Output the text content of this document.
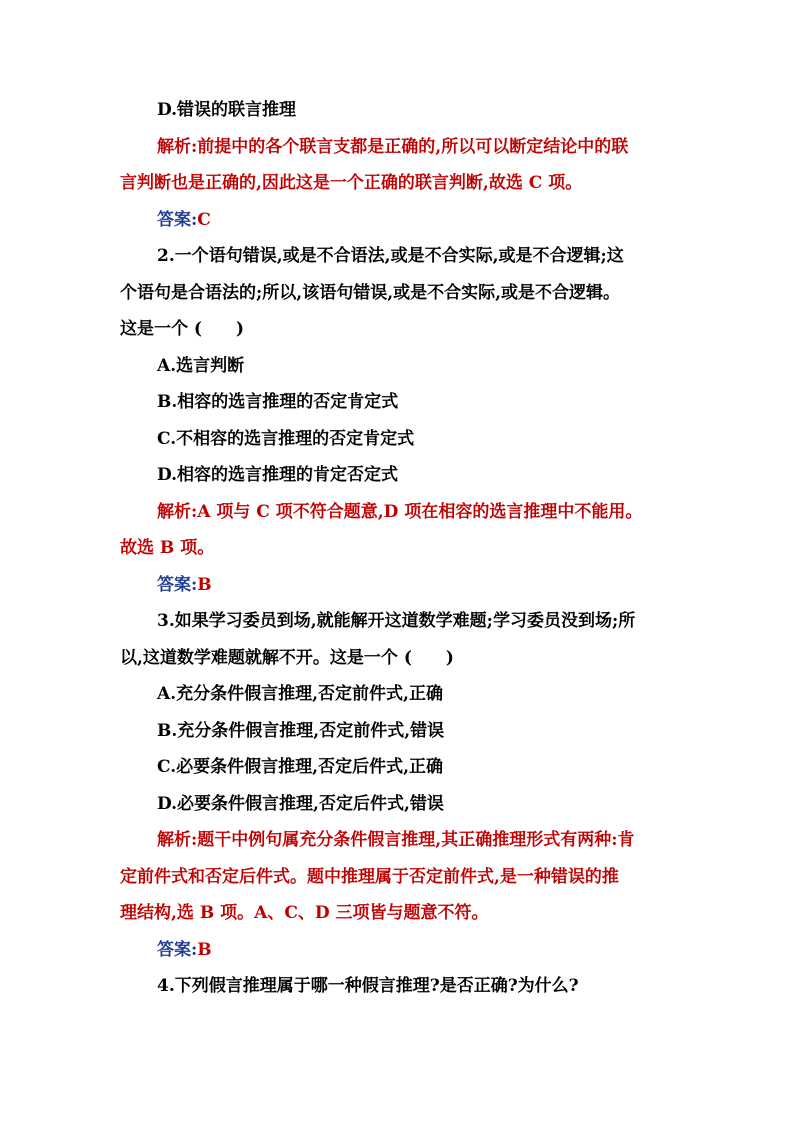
D.错误的联言推理
解析:前提中的各个联言支都是正确的,所以可以断定结论中的联
言判断也是正确的,因此这是一个正确的联言判断,故选 C 项。
答案:C
2.一个语句错误,或是不合语法,或是不合实际,或是不合逻辑;这
个语句是合语法的;所以,该语句错误,或是不合实际,或是不合逻辑。
这是一个 (　　)
A.选言判断
B.相容的选言推理的否定肯定式
C.不相容的选言推理的否定肯定式
D.相容的选言推理的肯定否定式
解析:A 项与 C 项不符合题意,D 项在相容的选言推理中不能用。
故选 B 项。
答案:B
3.如果学习委员到场,就能解开这道数学难题;学习委员没到场;所
以,这道数学难题就解不开。这是一个 (　　)
A.充分条件假言推理,否定前件式,正确
B.充分条件假言推理,否定前件式,错误
C.必要条件假言推理,否定后件式,正确
D.必要条件假言推理,否定后件式,错误
解析:题干中例句属充分条件假言推理,其正确推理形式有两种:肯
定前件式和否定后件式。题中推理属于否定前件式,是一种错误的推
理结构,选 B 项。A、C、D 三项皆与题意不符。
答案:B
4.下列假言推理属于哪一种假言推理?是否正确?为什么?
